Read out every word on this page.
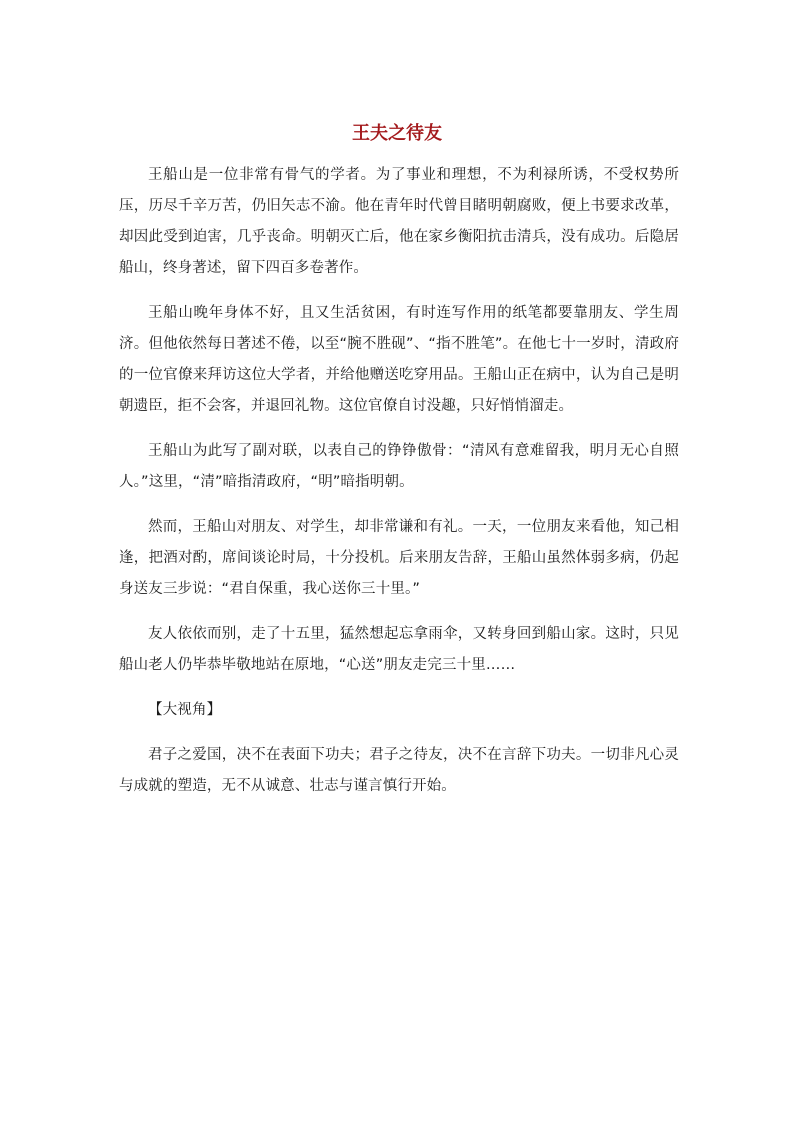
王夫之待友

王船山是一位非常有骨气的学者。为了事业和理想，不为利禄所诱，不受权势所压，历尽千辛万苦，仍旧矢志不渝。他在青年时代曾目睹明朝腐败，便上书要求改革，却因此受到迫害，几乎丧命。明朝灭亡后，他在家乡衡阳抗击清兵，没有成功。后隐居船山，终身著述，留下四百多卷著作。

王船山晚年身体不好，且又生活贫困，有时连写作用的纸笔都要靠朋友、学生周济。但他依然每日著述不倦，以至“腕不胜砚”、“指不胜笔”。在他七十一岁时，清政府的一位官僚来拜访这位大学者，并给他赠送吃穿用品。王船山正在病中，认为自己是明朝遗臣，拒不会客，并退回礼物。这位官僚自讨没趣，只好悄悄溜走。

王船山为此写了副对联，以表自己的铮铮傲骨：“清风有意难留我，明月无心自照人。”这里，“清”暗指清政府，“明”暗指明朝。

然而，王船山对朋友、对学生，却非常谦和有礼。一天，一位朋友来看他，知己相逢，把酒对酌，席间谈论时局，十分投机。后来朋友告辞，王船山虽然体弱多病，仍起身送友三步说：“君自保重，我心送你三十里。”

友人依依而别，走了十五里，猛然想起忘拿雨伞，又转身回到船山家。这时，只见船山老人仍毕恭毕敬地站在原地，“心送”朋友走完三十里……

【大视角】

君子之爱国，决不在表面下功夫；君子之待友，决不在言辞下功夫。一切非凡心灵与成就的塑造，无不从诚意、壮志与谨言慎行开始。
